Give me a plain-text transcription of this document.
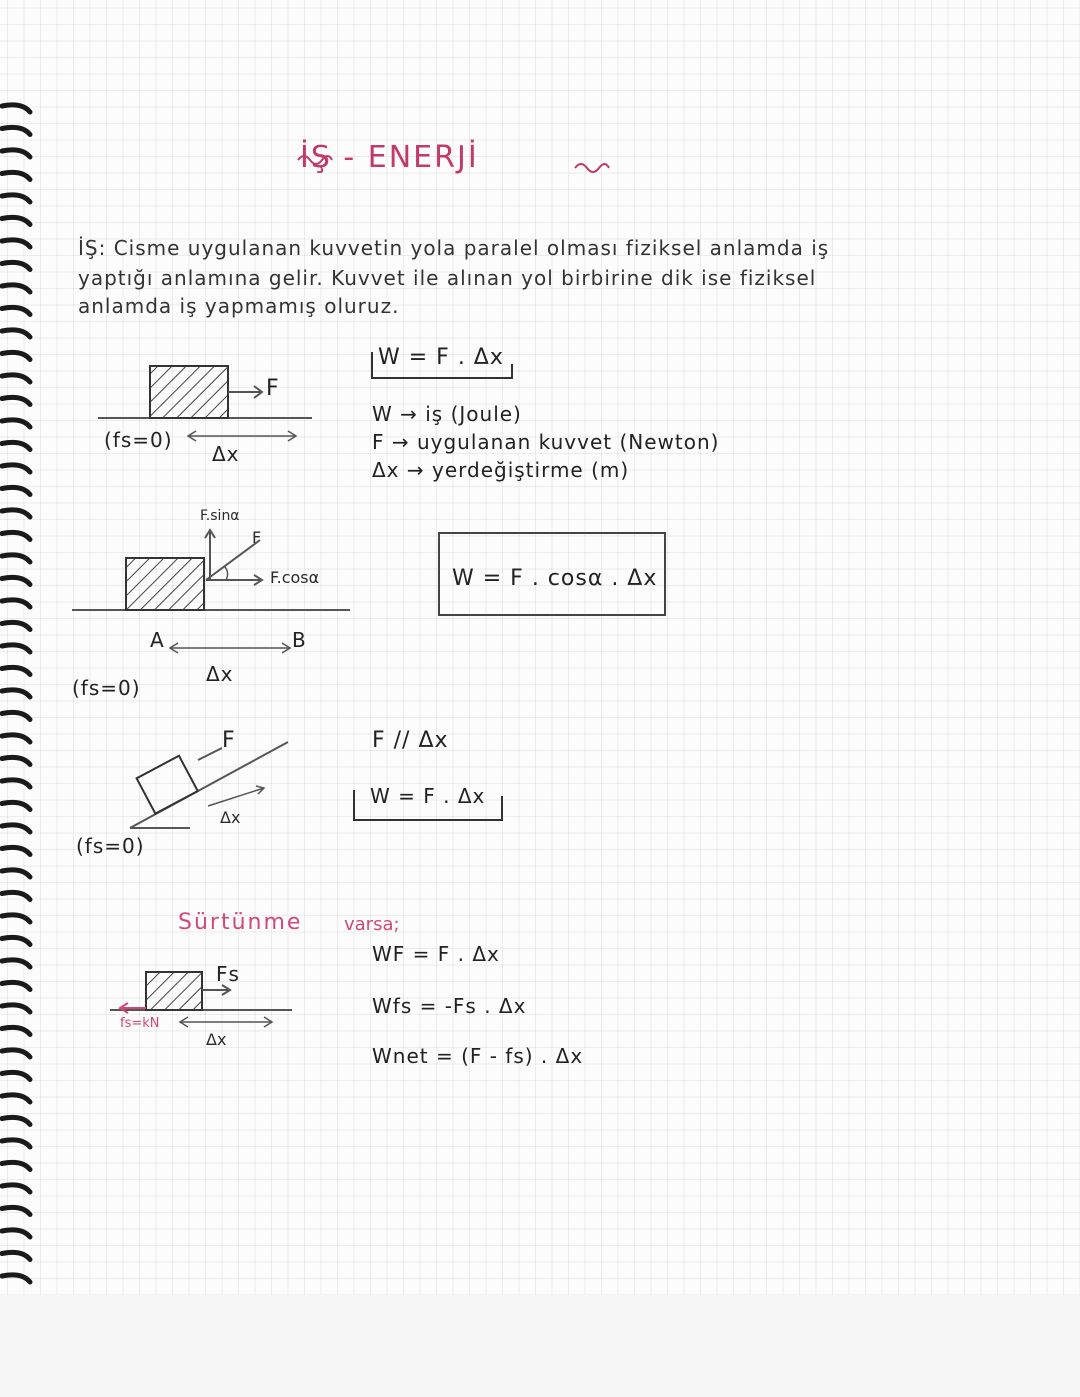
İŞ - ENERJİ
İŞ: Cisme uygulanan kuvvetin yola paralel olması fiziksel anlamda iş
yaptığı anlamına gelir. Kuvvet ile alınan yol birbirine dik ise fiziksel
anlamda iş yapmamış oluruz.
W = F . Δx
W → iş (Joule)
F → uygulanan kuvvet (Newton)
Δx → yerdeğiştirme (m)
(fs=0)
F
Δx
F.sinα
F
F.cosα
A	B
Δx
(fs=0)
W = F . cosα . Δx
F
Δx
(fs=0)
F // Δx
W = F . Δx
Sürtünme varsa;
WF = F . Δx
Wfs = -Fs . Δx
Wnet = (F - fs) . Δx
Fs
fs=kN
Δx
